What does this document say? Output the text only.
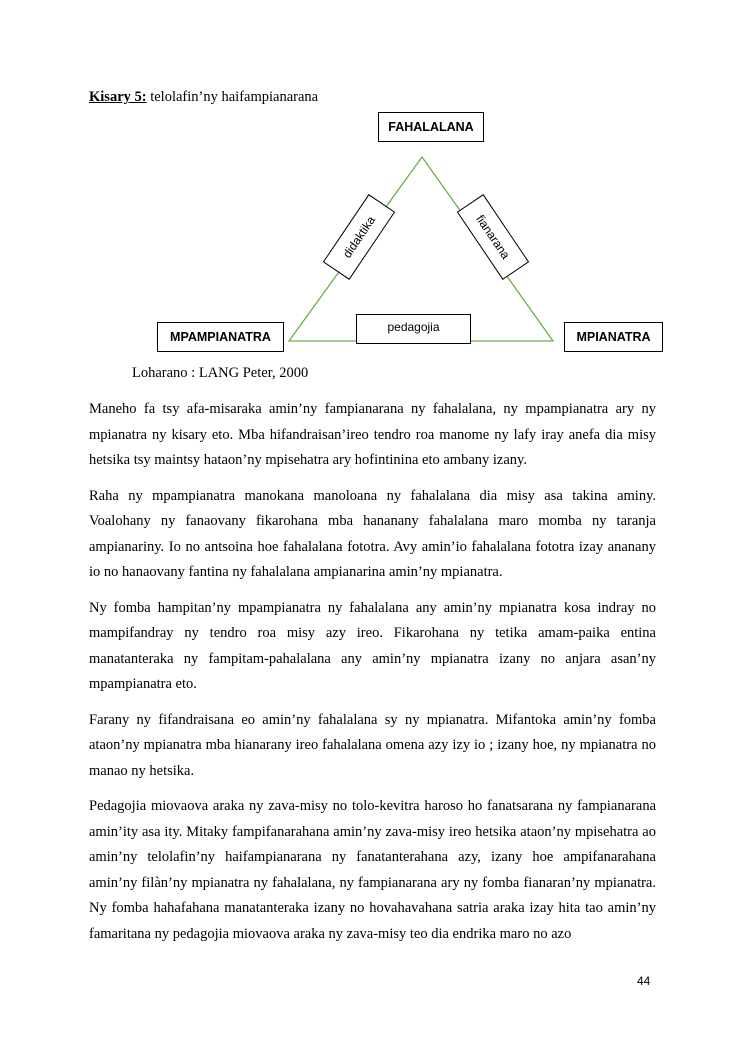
Kisary 5: telolafin’ny haifampianarana
FAHALALANA
MPAMPIANATRA	MPIANATRA
didaktika	fianarana
pedagojia
Loharano : LANG Peter, 2000

Maneho fa tsy afa-misaraka amin’ny fampianarana ny fahalalana, ny mpampianatra ary ny mpianatra ny kisary eto. Mba hifandraisan’ireo tendro roa manome ny lafy iray anefa dia misy hetsika tsy maintsy hataon’ny mpisehatra ary hofintinina eto ambany izany.

Raha ny mpampianatra manokana manoloana ny fahalalana dia misy asa takina aminy. Voalohany ny fanaovany fikarohana mba hananany fahalalana maro momba ny taranja ampianariny. Io no antsoina hoe fahalalana fototra. Avy amin’io fahalalana fototra izay ananany io no hanaovany fantina ny fahalalana ampianarina amin’ny mpianatra.

Ny fomba hampitan’ny mpampianatra ny fahalalana any amin’ny mpianatra kosa indray no mampifandray ny tendro roa misy azy ireo. Fikarohana ny tetika amam-paika entina manatanteraka ny fampitam-pahalalana any amin’ny mpianatra izany no anjara asan’ny mpampianatra eto.

Farany ny fifandraisana eo amin’ny fahalalana sy ny mpianatra. Mifantoka amin’ny fomba ataon’ny mpianatra mba hianarany ireo fahalalana omena azy izy io ; izany hoe, ny mpianatra no manao ny hetsika.

Pedagojia miovaova araka ny zava-misy no tolo-kevitra haroso ho fanatsarana ny fampianarana amin’ity asa ity. Mitaky fampifanarahana amin’ny zava-misy ireo hetsika ataon’ny mpisehatra ao amin’ny telolafin’ny haifampianarana ny fanatanterahana azy, izany hoe ampifanarahana amin’ny filàn’ny mpianatra ny fahalalana, ny fampianarana ary ny fomba fianaran’ny mpianatra. Ny fomba hahafahana manatanteraka izany no hovahavahana satria araka izay hita tao amin’ny famaritana ny pedagojia miovaova araka ny zava-misy teo dia endrika maro no azo

44
